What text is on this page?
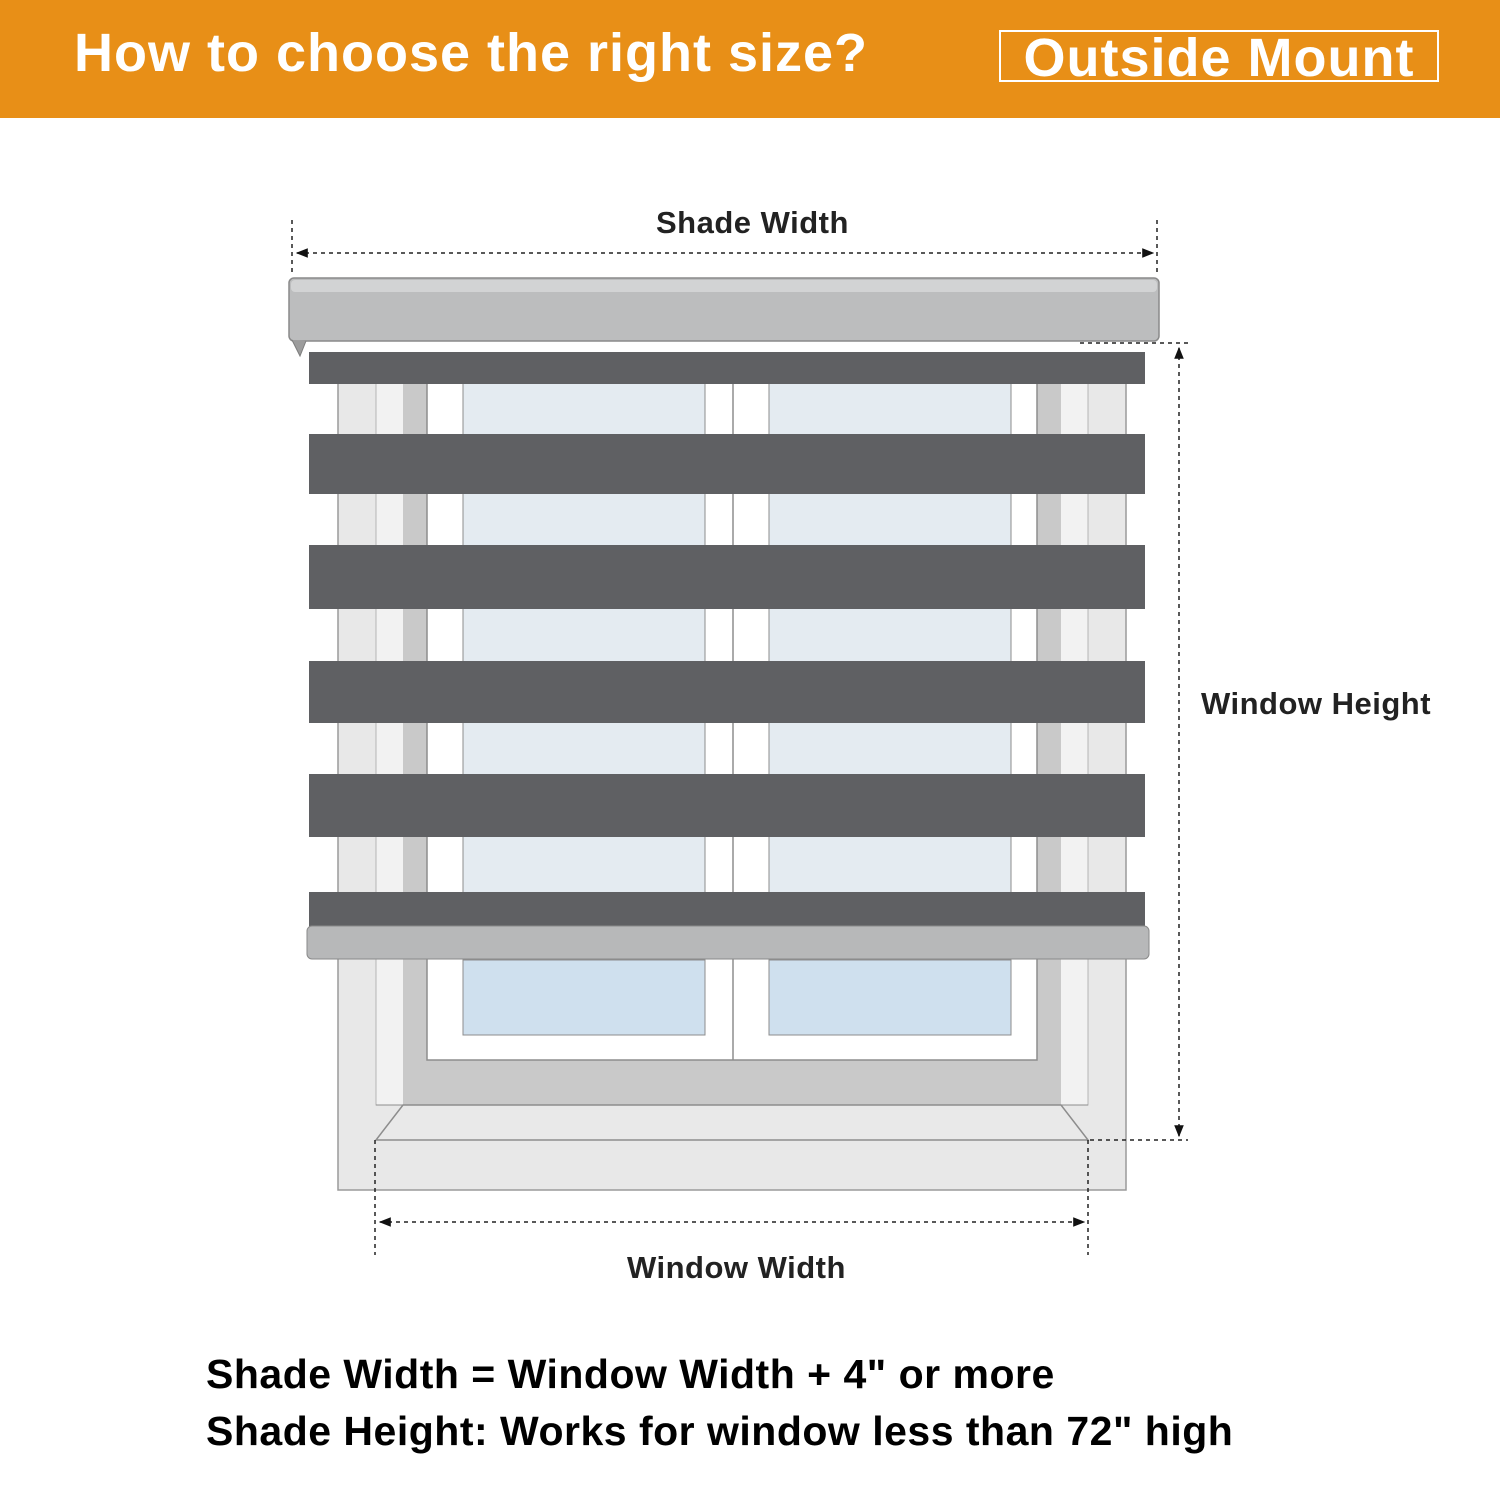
How to choose the right size?	Outside Mount
Shade Width
Window Height
Window Width
Shade Width = Window Width + 4" or more
Shade Height: Works for window less than 72" high
